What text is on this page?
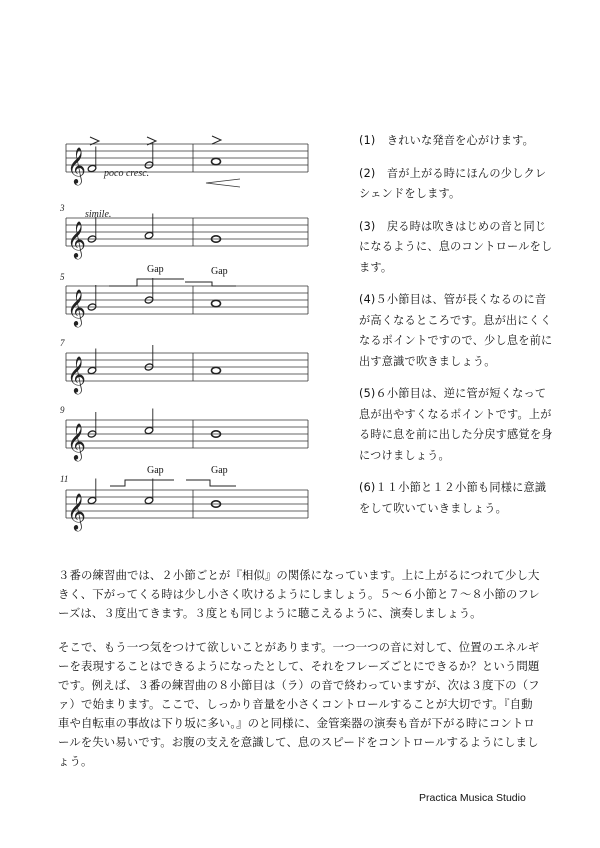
𝄞
𝄞
𝄞
𝄞
𝄞
𝄞
poco cresc.
simile.
3
5
7
9
11
Gap	Gap
Gap	Gap

(1)　きれいな発音を心がけます。

(2)　音が上がる時にほんの少しクレシェンドをします。

(3)　戻る時は吹きはじめの音と同じになるように、息のコントロールをします。

(4)５小節目は、管が長くなるのに音が高くなるところです。息が出にくくなるポイントですので、少し息を前に出す意識で吹きましょう。

(5)６小節目は、逆に管が短くなって息が出やすくなるポイントです。上がる時に息を前に出した分戻す感覚を身につけましょう。

(6)１１小節と１２小節も同様に意識をして吹いていきましょう。

３番の練習曲では、２小節ごとが『相似』の関係になっています。上に上がるにつれて少し大きく、下がってくる時は少し小さく吹けるようにしましょう。５〜６小節と７〜８小節のフレーズは、３度出てきます。３度とも同じように聴こえるように、演奏しましょう。

そこで、もう一つ気をつけて欲しいことがあります。一つ一つの音に対して、位置のエネルギーを表現することはできるようになったとして、それをフレーズごとにできるか？という問題です。例えば、３番の練習曲の８小節目は（ラ）の音で終わっていますが、次は３度下の（ファ）で始まります。ここで、しっかり音量を小さくコントロールすることが大切です。『自動車や自転車の事故は下り坂に多い。』のと同様に、金管楽器の演奏も音が下がる時にコントロールを失い易いです。お腹の支えを意識して、息のスピードをコントロールするようにしましょう。

Practica Musica Studio
